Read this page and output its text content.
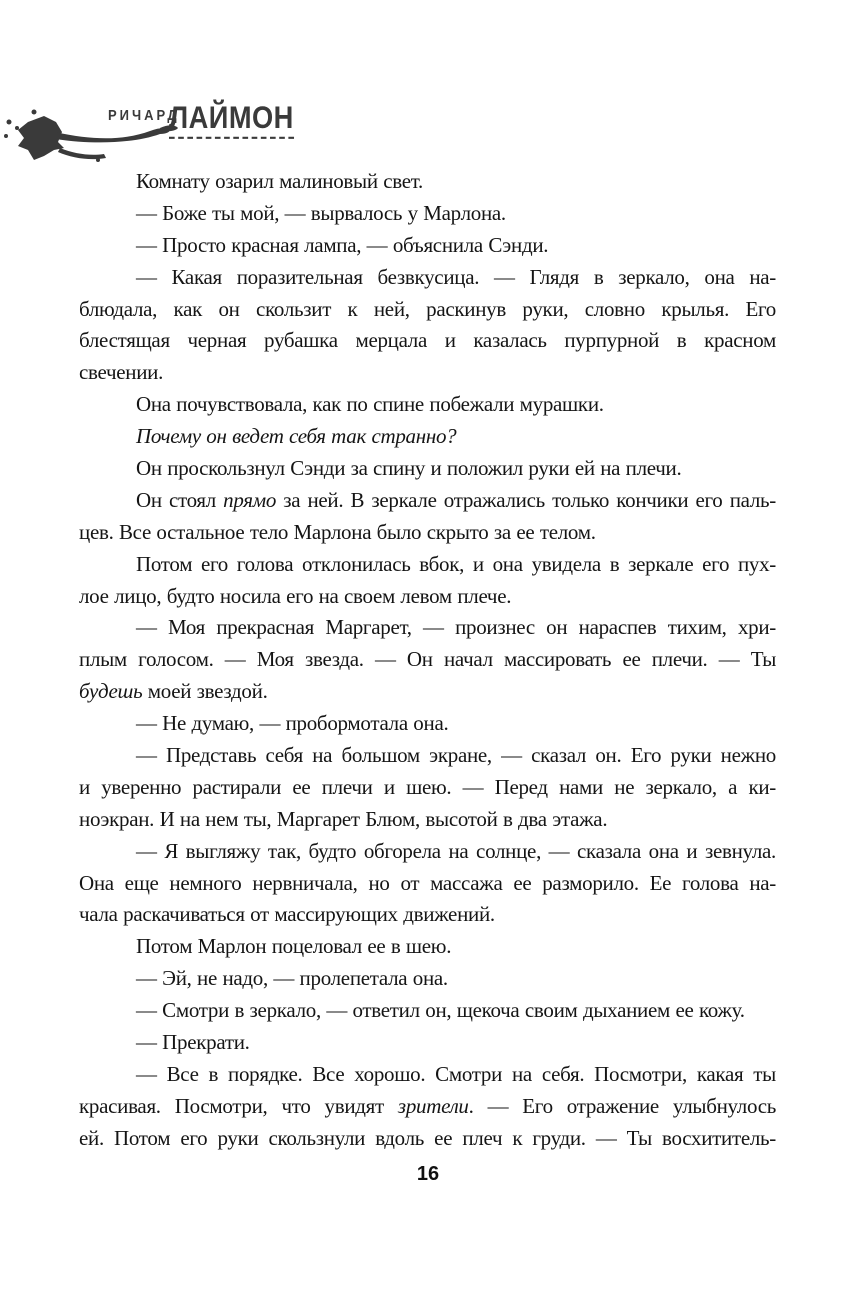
РИЧАРД
ЛАЙМОН
Комнату озарил малиновый свет.
— Боже ты мой, — вырвалось у Марлона.
— Просто красная лампа, — объяснила Сэнди.
— Какая поразительная безвкусица. — Глядя в зеркало, она на-
блюдала, как он скользит к ней, раскинув руки, словно крылья. Его
блестящая черная рубашка мерцала и казалась пурпурной в красном
свечении.
Она почувствовала, как по спине побежали мурашки.
Почему он ведет себя так странно?
Он проскользнул Сэнди за спину и положил руки ей на плечи.
Он стоял прямо за ней. В зеркале отражались только кончики его паль-
цев. Все остальное тело Марлона было скрыто за ее телом.
Потом его голова отклонилась вбок, и она увидела в зеркале его пух-
лое лицо, будто носила его на своем левом плече.
— Моя прекрасная Маргарет, — произнес он нараспев тихим, хри-
плым голосом. — Моя звезда. — Он начал массировать ее плечи. — Ты
будешь моей звездой.
— Не думаю, — пробормотала она.
— Представь себя на большом экране, — сказал он. Его руки нежно
и уверенно растирали ее плечи и шею. — Перед нами не зеркало, а ки-
ноэкран. И на нем ты, Маргарет Блюм, высотой в два этажа.
— Я выгляжу так, будто обгорела на солнце, — сказала она и зевнула.
Она еще немного нервничала, но от массажа ее разморило. Ее голова на-
чала раскачиваться от массирующих движений.
Потом Марлон поцеловал ее в шею.
— Эй, не надо, — пролепетала она.
— Смотри в зеркало, — ответил он, щекоча своим дыханием ее кожу.
— Прекрати.
— Все в порядке. Все хорошо. Смотри на себя. Посмотри, какая ты
красивая. Посмотри, что увидят зрители. — Его отражение улыбнулось
ей. Потом его руки скользнули вдоль ее плеч к груди. — Ты восхититель-
16
